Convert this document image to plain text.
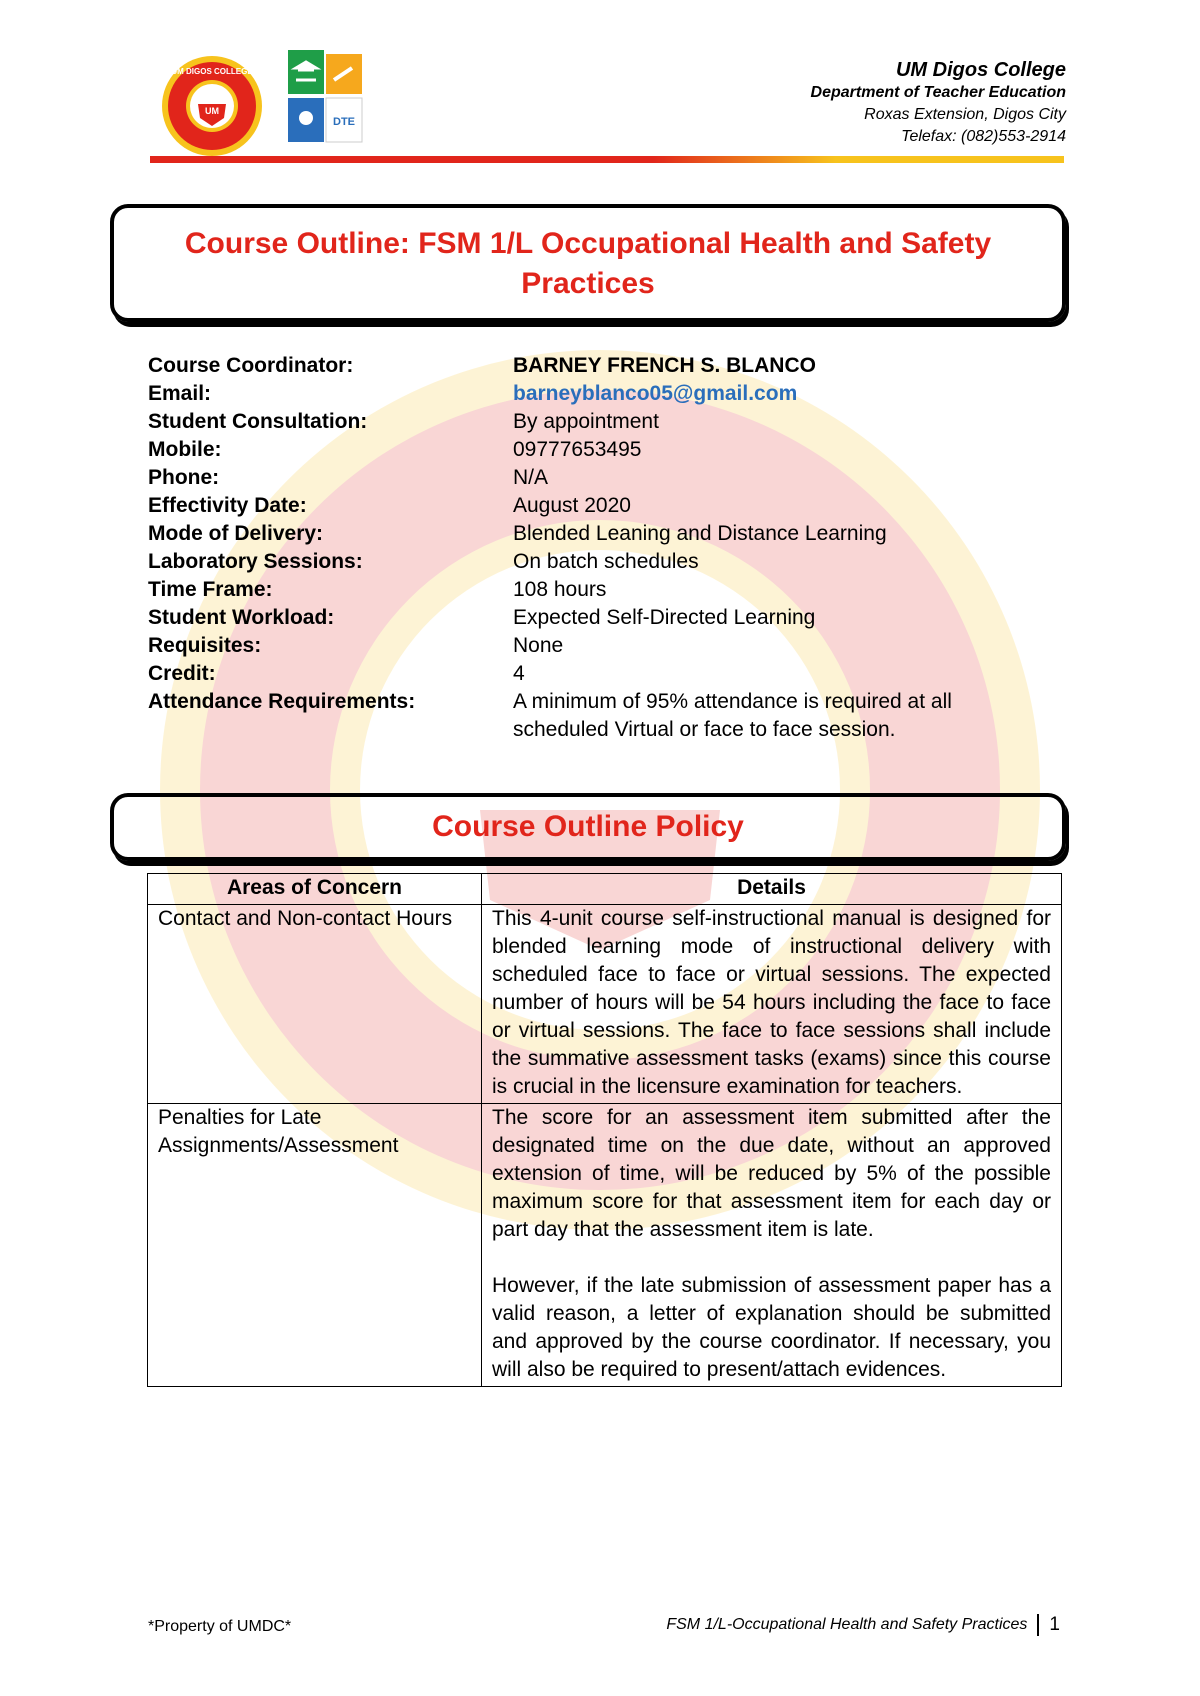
UM
UM DIGOS COLLEGE
DTE
UM Digos College
Department of Teacher Education
Roxas Extension, Digos City
Telefax: (082)553-2914
Course Outline: FSM 1/L Occupational Health and Safety Practices
Course Coordinator:	BARNEY FRENCH S. BLANCO
Email:	barneyblanco05@gmail.com
Student Consultation:	By appointment
Mobile:	09777653495
Phone:	N/A
Effectivity Date:	August 2020
Mode of Delivery:	Blended Leaning and Distance Learning
Laboratory Sessions:	On batch schedules
Time Frame:	108 hours
Student Workload:	Expected Self-Directed Learning
Requisites:	None
Credit:	4
Attendance Requirements:	A minimum of 95% attendance is required at all scheduled Virtual or face to face session.
Course Outline Policy
Areas of Concern	Details
Contact and Non-contact Hours	This 4-unit course self-instructional manual is designed for blended learning mode of instructional delivery with scheduled face to face or virtual sessions. The expected number of hours will be 54 hours including the face to face or virtual sessions. The face to face sessions shall include the summative assessment tasks (exams) since this course is crucial in the licensure examination for teachers.
Penalties for Late Assignments/Assessment	The score for an assessment item submitted after the designated time on the due date, without an approved extension of time, will be reduced by 5% of the possible maximum score for that assessment item for each day or part day that the assessment item is late.
However, if the late submission of assessment paper has a valid reason, a letter of explanation should be submitted and approved by the course coordinator. If necessary, you will also be required to present/attach evidences.
*Property of UMDC*	FSM 1/L-Occupational Health and Safety Practices 1
